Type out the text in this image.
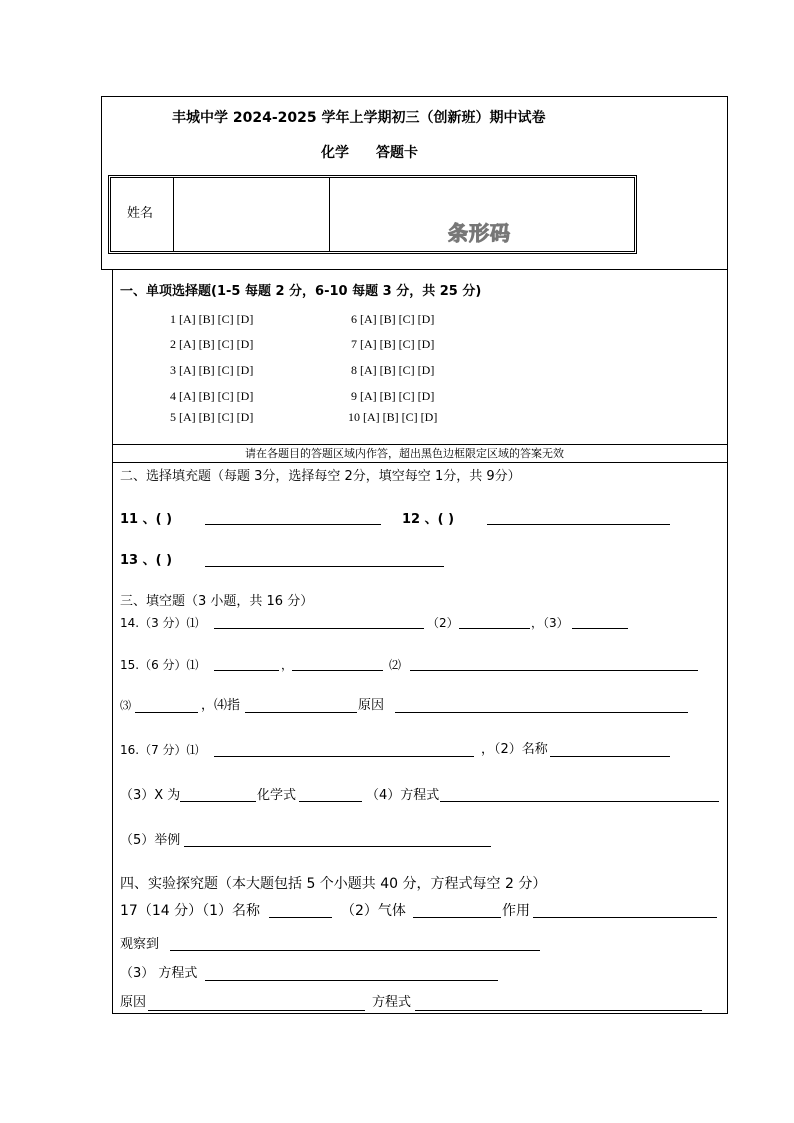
丰城中学 2024-2025 学年上学期初三（创新班）期中试卷
化学 答题卡
姓名
条形码
一、单项选择题(1-5 每题 2 分，6-10 每题 3 分，共 25 分)
1 [A] [B] [C] [D]	6 [A] [B] [C] [D]
2 [A] [B] [C] [D]	7 [A] [B] [C] [D]
3 [A] [B] [C] [D]	8 [A] [B] [C] [D]
4 [A] [B] [C] [D]	9 [A] [B] [C] [D]
5 [A] [B] [C] [D]	10 [A] [B] [C] [D]
请在各题目的答题区域内作答，超出黑色边框限定区域的答案无效
二、选择填充题（每题 3分，选择每空 2分，填空每空 1分，共 9分）
11 、( )	12 、( )
13 、( )
三、填空题（3 小题，共 16 分）
14.（3 分）⑴	（2）	，（3）
15.（6 分）⑴	，	⑵
⑶	，⑷指	原因
16.（7 分）⑴	，（2）名称
（3）X 为	化学式	（4）方程式
（5）举例
四、实验探究题（本大题包括 5 个小题共 40 分，方程式每空 2 分）
17（14 分）（1）名称	（2）气体	作用
观察到
（3） 方程式
原因	方程式
